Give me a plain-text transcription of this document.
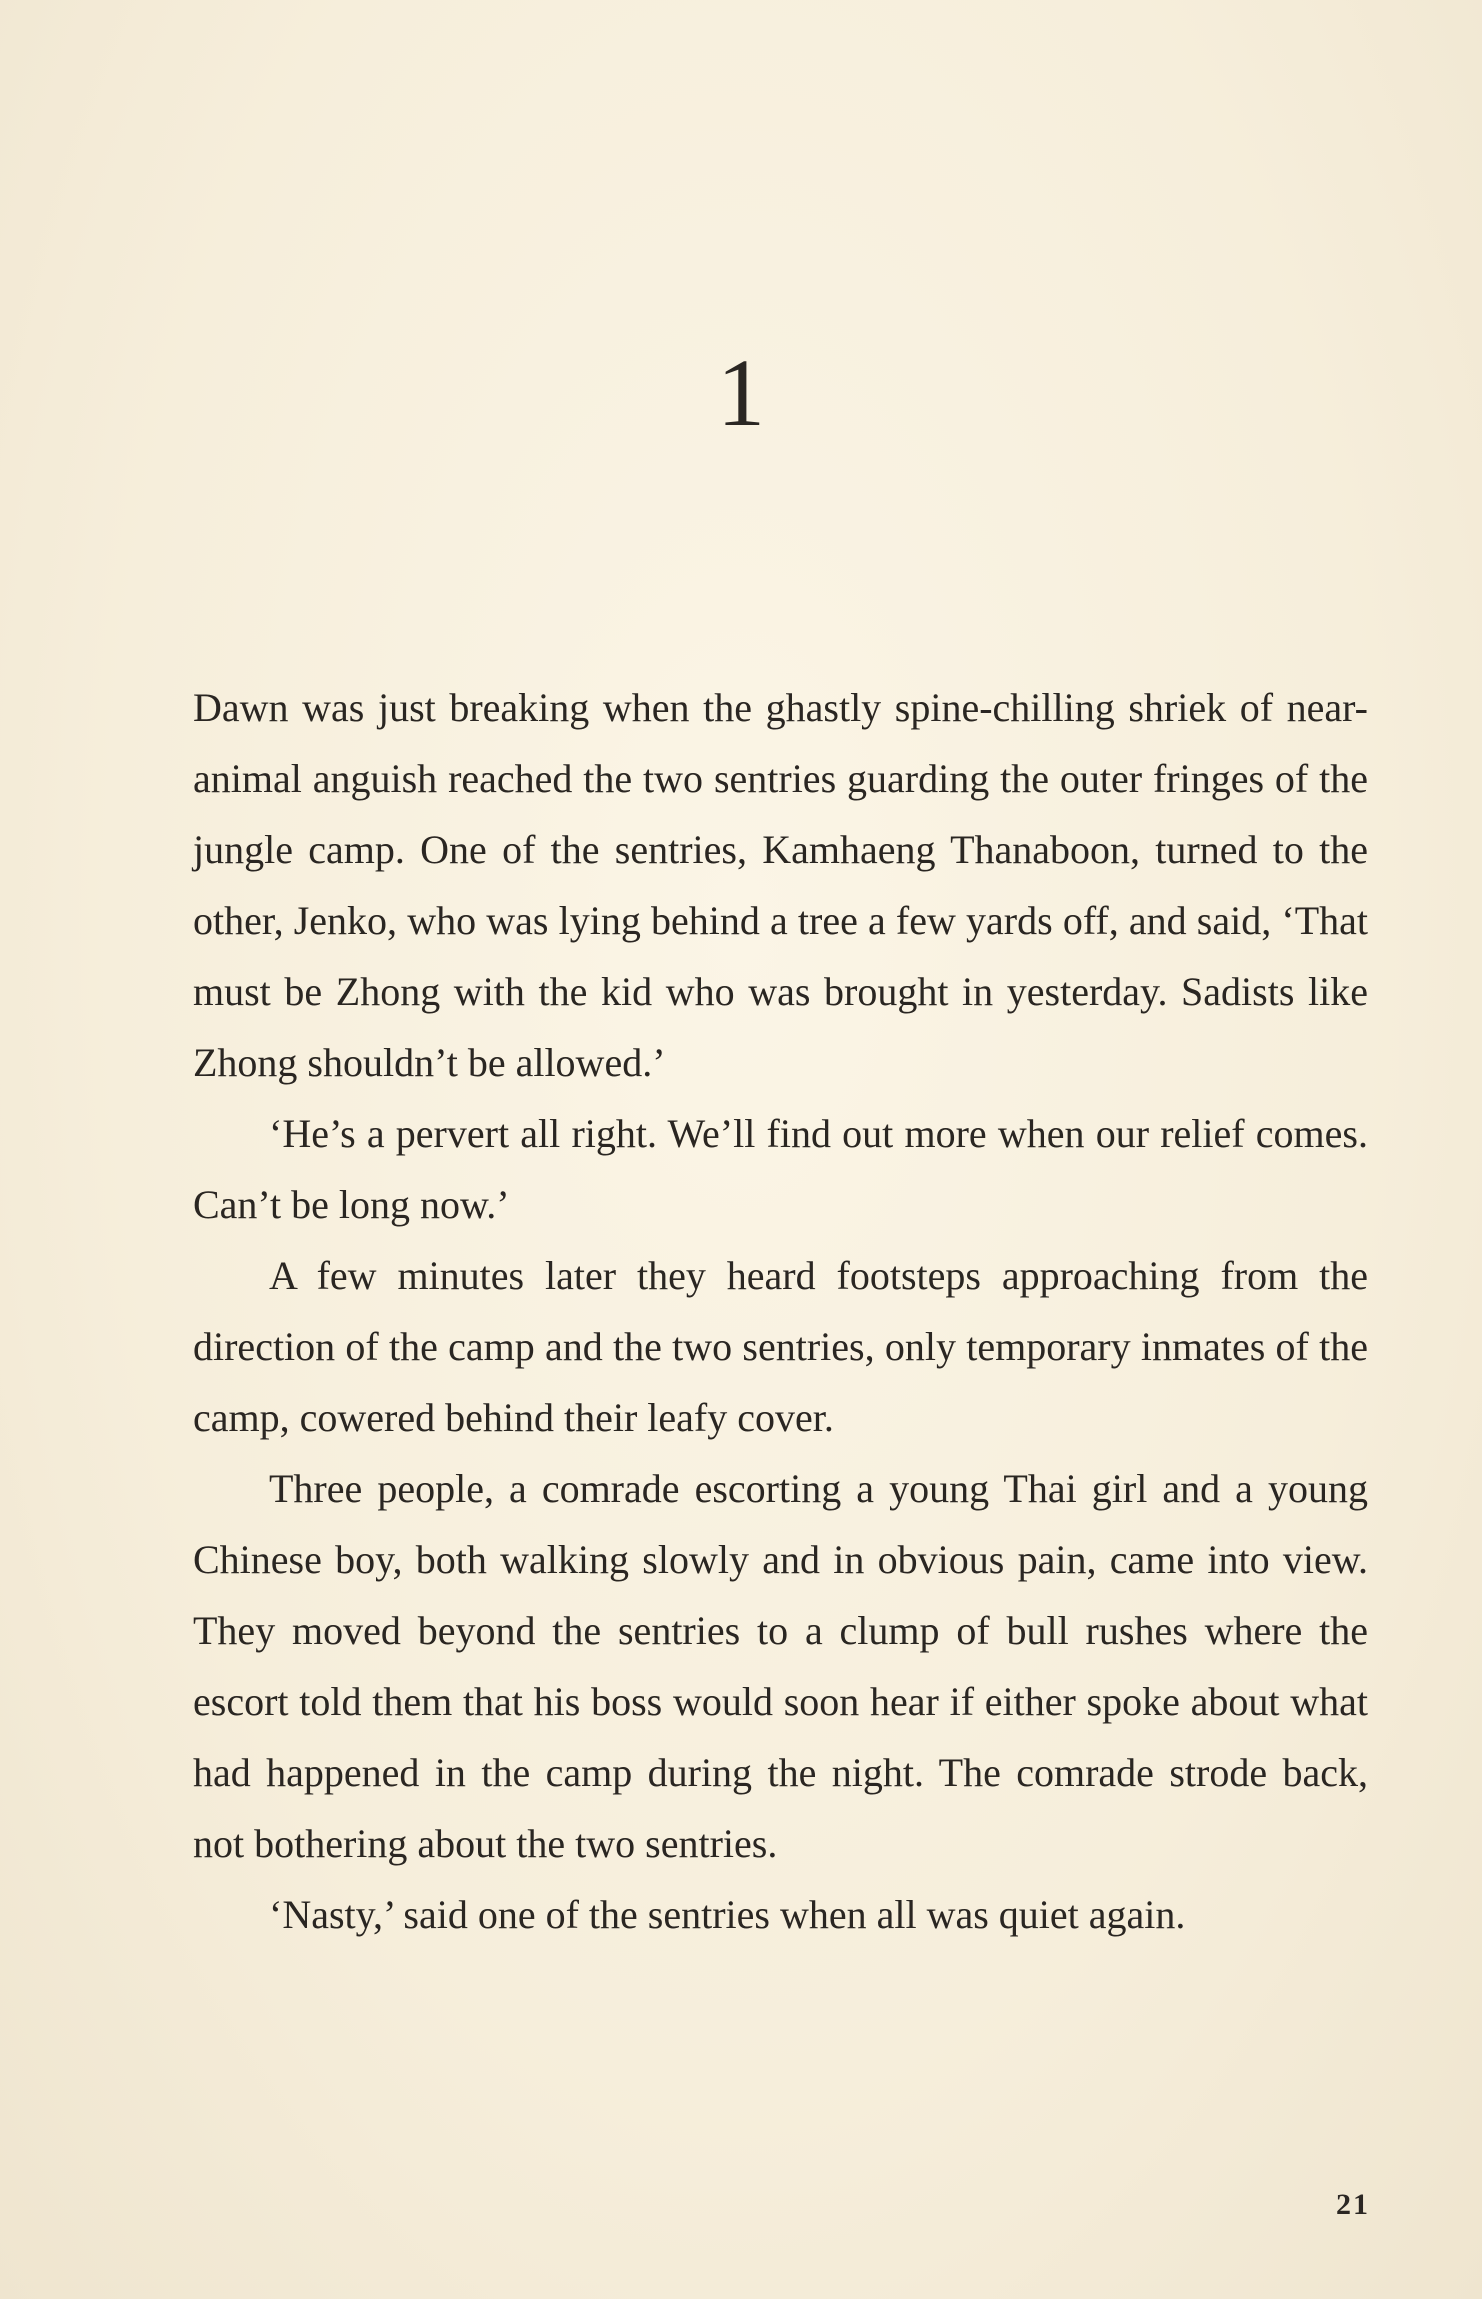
1

Dawn was just breaking when the ghastly spine-chilling shriek of near-animal anguish reached the two sentries guarding the outer fringes of the jungle camp. One of the sentries, Kamhaeng Thanaboon, turned to the other, Jenko, who was lying behind a tree a few yards off, and said, ‘That must be Zhong with the kid who was brought in yesterday. Sadists like Zhong shouldn’t be allowed.’

‘He’s a pervert all right. We’ll find out more when our relief comes. Can’t be long now.’

A few minutes later they heard footsteps approaching from the direction of the camp and the two sentries, only temporary inmates of the camp, cowered behind their leafy cover.

Three people, a comrade escorting a young Thai girl and a young Chinese boy, both walking slowly and in obvious pain, came into view. They moved beyond the sentries to a clump of bull rushes where the escort told them that his boss would soon hear if either spoke about what had happened in the camp during the night. The comrade strode back, not bothering about the two sentries.

‘Nasty,’ said one of the sentries when all was quiet again.

21
